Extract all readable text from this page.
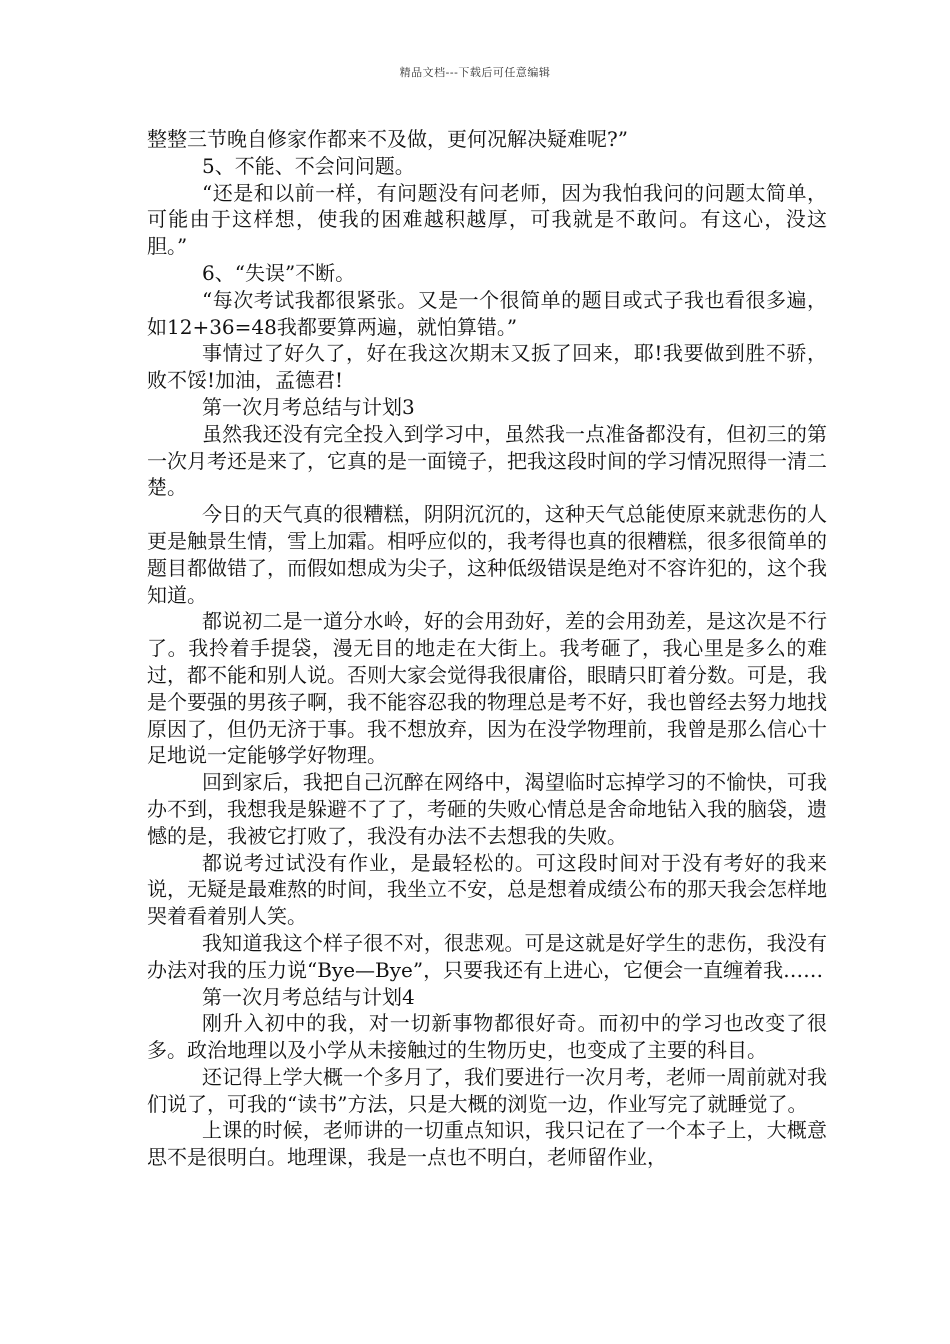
精品文档---下载后可任意编辑

整整三节晚自修家作都来不及做，更何况解决疑难呢?”

5、不能、不会问问题。

“还是和以前一样，有问题没有问老师，因为我怕我问的问题太简单，可能由于这样想，使我的困难越积越厚，可我就是不敢问。有这心，没这胆。”

6、“失误”不断。

“每次考试我都很紧张。又是一个很简单的题目或式子我也看很多遍，如12+36=48我都要算两遍，就怕算错。”

事情过了好久了，好在我这次期末又扳了回来，耶!我要做到胜不骄，败不馁!加油，孟德君!

第一次月考总结与计划3

虽然我还没有完全投入到学习中，虽然我一点准备都没有，但初三的第一次月考还是来了，它真的是一面镜子，把我这段时间的学习情况照得一清二楚。

今日的天气真的很糟糕，阴阴沉沉的，这种天气总能使原来就悲伤的人更是触景生情，雪上加霜。相呼应似的，我考得也真的很糟糕，很多很简单的题目都做错了，而假如想成为尖子，这种低级错误是绝对不容许犯的，这个我知道。

都说初二是一道分水岭，好的会用劲好，差的会用劲差，是这次是不行了。我拎着手提袋，漫无目的地走在大街上。我考砸了，我心里是多么的难过，都不能和别人说。否则大家会觉得我很庸俗，眼睛只盯着分数。可是，我是个要强的男孩子啊，我不能容忍我的物理总是考不好，我也曾经去努力地找原因了，但仍无济于事。我不想放弃，因为在没学物理前，我曾是那么信心十足地说一定能够学好物理。

回到家后，我把自己沉醉在网络中，渴望临时忘掉学习的不愉快，可我办不到，我想我是躲避不了了，考砸的失败心情总是舍命地钻入我的脑袋，遗憾的是，我被它打败了，我没有办法不去想我的失败。

都说考过试没有作业，是最轻松的。可这段时间对于没有考好的我来说，无疑是最难熬的时间，我坐立不安，总是想着成绩公布的那天我会怎样地哭着看着别人笑。

我知道我这个样子很不对，很悲观。可是这就是好学生的悲伤，我没有办法对我的压力说“Bye—Bye”，只要我还有上进心，它便会一直缠着我……

第一次月考总结与计划4

刚升入初中的我，对一切新事物都很好奇。而初中的学习也改变了很多。政治地理以及小学从未接触过的生物历史，也变成了主要的科目。

还记得上学大概一个多月了，我们要进行一次月考，老师一周前就对我们说了，可我的“读书”方法，只是大概的浏览一边，作业写完了就睡觉了。

上课的时候，老师讲的一切重点知识，我只记在了一个本子上，大概意思不是很明白。地理课，我是一点也不明白，老师留作业，
